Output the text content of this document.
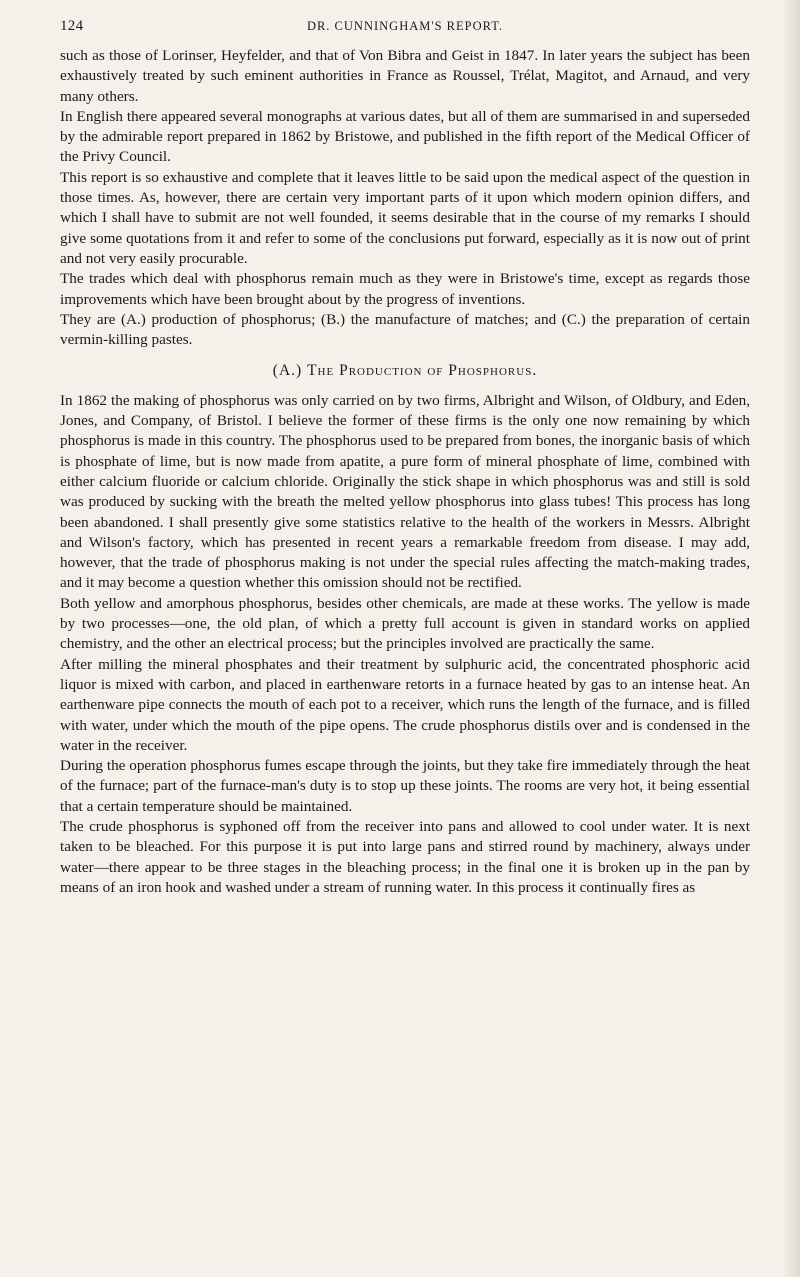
124	DR. CUNNINGHAM'S REPORT.

such as those of Lorinser, Heyfelder, and that of Von Bibra and Geist in 1847. In later years the subject has been exhaustively treated by such eminent authorities in France as Roussel, Trélat, Magitot, and Arnaud, and very many others.

In English there appeared several monographs at various dates, but all of them are summarised in and superseded by the admirable report prepared in 1862 by Bristowe, and published in the fifth report of the Medical Officer of the Privy Council.

This report is so exhaustive and complete that it leaves little to be said upon the medical aspect of the question in those times. As, however, there are certain very important parts of it upon which modern opinion differs, and which I shall have to submit are not well founded, it seems desirable that in the course of my remarks I should give some quotations from it and refer to some of the conclusions put forward, especially as it is now out of print and not very easily procurable.

The trades which deal with phosphorus remain much as they were in Bristowe's time, except as regards those improvements which have been brought about by the progress of inventions.

They are (A.) production of phosphorus; (B.) the manufacture of matches; and (C.) the preparation of certain vermin-killing pastes.

(A.) The Production of Phosphorus.

In 1862 the making of phosphorus was only carried on by two firms, Albright and Wilson, of Oldbury, and Eden, Jones, and Company, of Bristol. I believe the former of these firms is the only one now remaining by which phosphorus is made in this country. The phosphorus used to be prepared from bones, the inorganic basis of which is phosphate of lime, but is now made from apatite, a pure form of mineral phosphate of lime, combined with either calcium fluoride or calcium chloride. Originally the stick shape in which phosphorus was and still is sold was produced by sucking with the breath the melted yellow phosphorus into glass tubes! This process has long been abandoned. I shall presently give some statistics relative to the health of the workers in Messrs. Albright and Wilson's factory, which has presented in recent years a remarkable freedom from disease. I may add, however, that the trade of phosphorus making is not under the special rules affecting the match-making trades, and it may become a question whether this omission should not be rectified.

Both yellow and amorphous phosphorus, besides other chemicals, are made at these works. The yellow is made by two processes—one, the old plan, of which a pretty full account is given in standard works on applied chemistry, and the other an electrical process; but the principles involved are practically the same.

After milling the mineral phosphates and their treatment by sulphuric acid, the concentrated phosphoric acid liquor is mixed with carbon, and placed in earthenware retorts in a furnace heated by gas to an intense heat. An earthenware pipe connects the mouth of each pot to a receiver, which runs the length of the furnace, and is filled with water, under which the mouth of the pipe opens. The crude phosphorus distils over and is condensed in the water in the receiver.

During the operation phosphorus fumes escape through the joints, but they take fire immediately through the heat of the furnace; part of the furnace-man's duty is to stop up these joints. The rooms are very hot, it being essential that a certain temperature should be maintained.

The crude phosphorus is syphoned off from the receiver into pans and allowed to cool under water. It is next taken to be bleached. For this purpose it is put into large pans and stirred round by machinery, always under water—there appear to be three stages in the bleaching process; in the final one it is broken up in the pan by means of an iron hook and washed under a stream of running water. In this process it continually fires as
